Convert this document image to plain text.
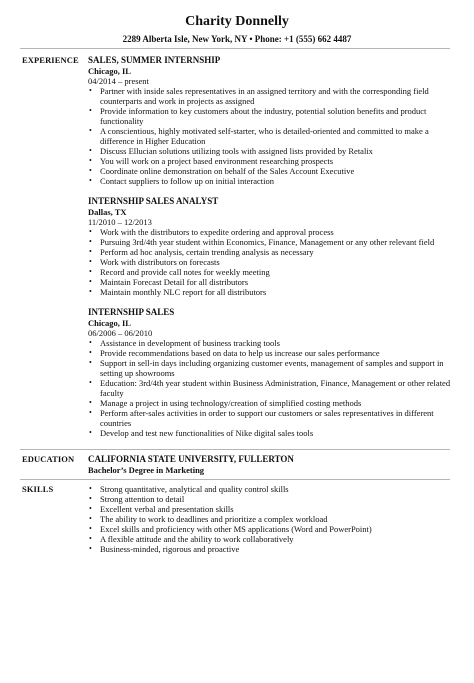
Charity Donnelly
2289 Alberta Isle, New York, NY • Phone: +1 (555) 662 4487
EXPERIENCE SALES, SUMMER INTERNSHIP
Chicago, IL
04/2014 – present
• Partner with inside sales representatives in an assigned territory and with the corresponding field counterparts and work in projects as assigned
• Provide information to key customers about the industry, potential solution benefits and product functionality
• A conscientious, highly motivated self-starter, who is detailed-oriented and committed to make a difference in Higher Education
• Discuss Ellucian solutions utilizing tools with assigned lists provided by Retalix
• You will work on a project based environment researching prospects
• Coordinate online demonstration on behalf of the Sales Account Executive
• Contact suppliers to follow up on initial interaction
INTERNSHIP SALES ANALYST
Dallas, TX
11/2010 – 12/2013
• Work with the distributors to expedite ordering and approval process
• Pursuing 3rd/4th year student within Economics, Finance, Management or any other relevant field
• Perform ad hoc analysis, certain trending analysis as necessary
• Work with distributors on forecasts
• Record and provide call notes for weekly meeting
• Maintain Forecast Detail for all distributors
• Maintain monthly NLC report for all distributors
INTERNSHIP SALES
Chicago, IL
06/2006 – 06/2010
• Assistance in development of business tracking tools
• Provide recommendations based on data to help us increase our sales performance
• Support in sell-in days including organizing customer events, management of samples and support in setting up showrooms
• Education: 3rd/4th year student within Business Administration, Finance, Management or other related faculty
• Manage a project in using technology/creation of simplified costing methods
• Perform after-sales activities in order to support our customers or sales representatives in different countries
• Develop and test new functionalities of Nike digital sales tools
EDUCATION CALIFORNIA STATE UNIVERSITY, FULLERTON
Bachelor’s Degree in Marketing
SKILLS	• Strong quantitative, analytical and quality control skills
• Strong attention to detail
• Excellent verbal and presentation skills
• The ability to work to deadlines and prioritize a complex workload
• Excel skills and proficiency with other MS applications (Word and PowerPoint)
• A flexible attitude and the ability to work collaboratively
• Business-minded, rigorous and proactive
